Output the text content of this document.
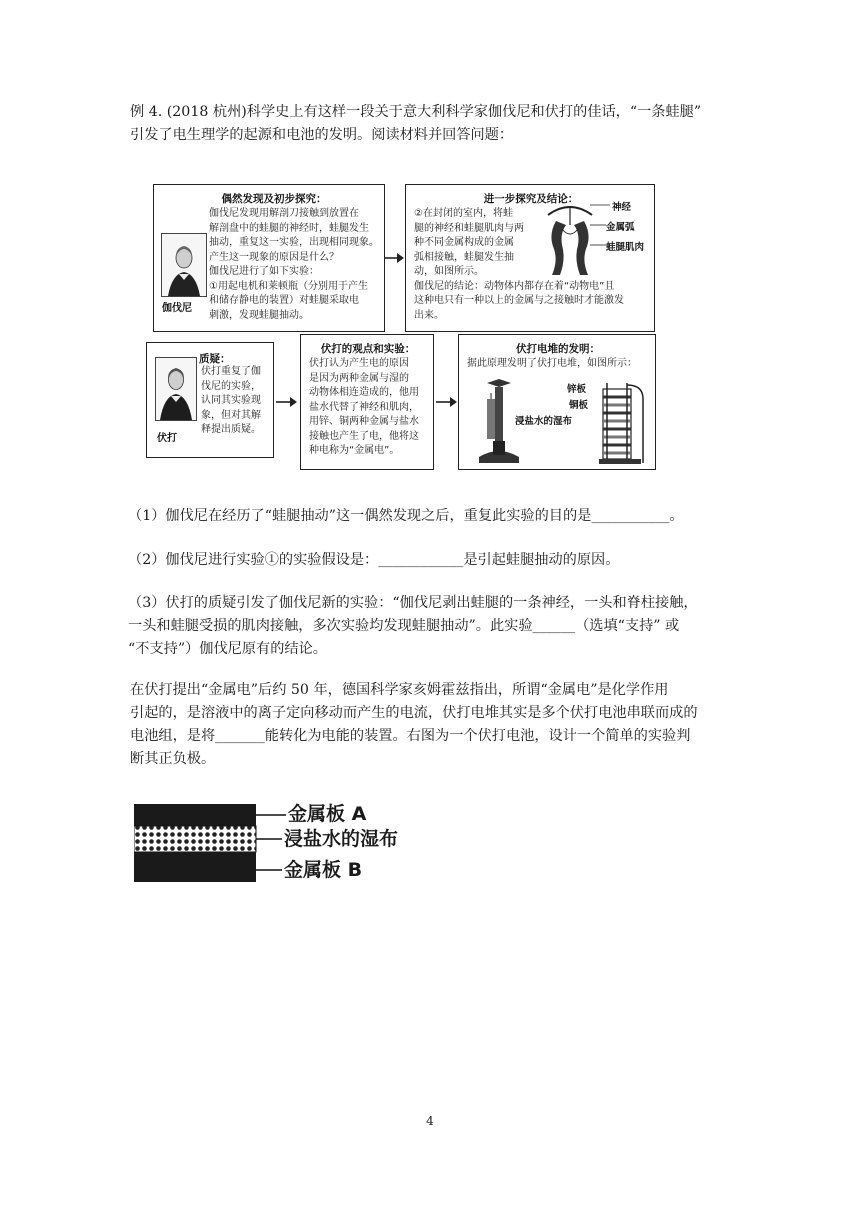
例 4. (2018 杭州)科学史上有这样一段关于意大利科学家伽伐尼和伏打的佳话，“一条蛙腿”

引发了电生理学的起源和电池的发明。阅读材料并回答问题：

偶然发现及初步探究：
伽伐尼
伽伐尼发现用解剖刀接触到放置在
解剖盘中的蛙腿的神经时，蛙腿发生
抽动，重复这一实验，出现相同现象。
产生这一现象的原因是什么？
伽伐尼进行了如下实验：
①用起电机和莱顿瓶（分别用于产生
和储存静电的装置）对蛙腿采取电
刺激，发现蛙腿抽动。
进一步探究及结论：
②在封闭的室内，将蛙
腿的神经和蛙腿肌肉与两
种不同金属构成的金属
弧相接触，蛙腿发生抽
动，如图所示。
伽伐尼的结论：动物体内都存在着“动物电”且
这种电只有一种以上的金属与之接触时才能激发
出来。
神经
金属弧
蛙腿肌肉
伏打
质疑：
伏打重复了伽
伐尼的实验，
认同其实验现
象，但对其解
释提出质疑。
伏打的观点和实验：
伏打认为产生电的原因
是因为两种金属与湿的
动物体相连造成的，他用
盐水代替了神经和肌肉，
用锌、铜两种金属与盐水
接触也产生了电，他将这
种电称为“金属电”。
伏打电堆的发明：
据此原理发明了伏打电堆，如图所示：
锌板
铜板
浸盐水的湿布

（1）伽伐尼在经历了“蛙腿抽动”这一偶然发现之后，重复此实验的目的是___________。

（2）伽伐尼进行实验①的实验假设是：____________是引起蛙腿抽动的原因。

（3）伏打的质疑引发了伽伐尼新的实验：“伽伐尼剥出蛙腿的一条神经，一头和脊柱接触，

一头和蛙腿受损的肌肉接触，多次实验均发现蛙腿抽动”。此实验______（选填“支持” 或

“不支持”）伽伐尼原有的结论。

在伏打提出“金属电”后约 50 年，德国科学家亥姆霍兹指出，所谓“金属电”是化学作用

引起的，是溶液中的离子定向移动而产生的电流，伏打电堆其实是多个伏打电池串联而成的

电池组，是将_______能转化为电能的装置。右图为一个伏打电池，设计一个简单的实验判

断其正负极。

金属板 A
浸盐水的湿布
金属板 B
4
